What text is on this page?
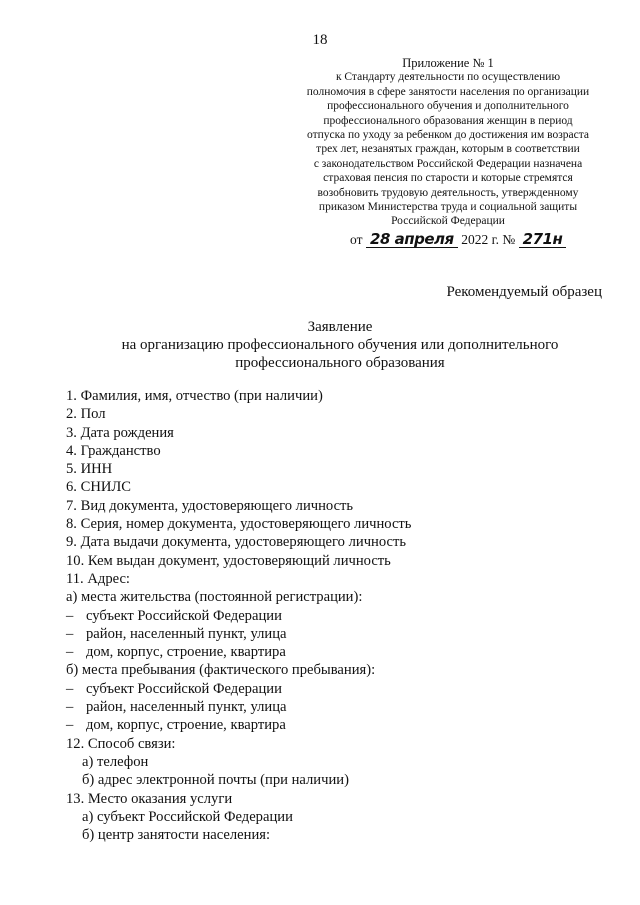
18
Приложение № 1
к Стандарту деятельности по осуществлению
полномочия в сфере занятости населения по организации
профессионального обучения и дополнительного
профессионального образования женщин в период
отпуска по уходу за ребенком до достижения им возраста
трех лет, незанятых граждан, которым в соответствии
с законодательством Российской Федерации назначена
страховая пенсия по старости и которые стремятся
возобновить трудовую деятельность, утвержденному
приказом Министерства труда и социальной защиты
Российской Федерации
от 28 апреля 2022 г. № 271н
Рекомендуемый образец
Заявление
на организацию профессионального обучения или дополнительного
профессионального образования
1. Фамилия, имя, отчество (при наличии)
2. Пол
3. Дата рождения
4. Гражданство
5. ИНН
6. СНИЛС
7. Вид документа, удостоверяющего личность
8. Серия, номер документа, удостоверяющего личность
9. Дата выдачи документа, удостоверяющего личность
10. Кем выдан документ, удостоверяющий личность
11. Адрес:
а) места жительства (постоянной регистрации):
– субъект Российской Федерации
– район, населенный пункт, улица
– дом, корпус, строение, квартира
б) места пребывания (фактического пребывания):
– субъект Российской Федерации
– район, населенный пункт, улица
– дом, корпус, строение, квартира
12. Способ связи:
а) телефон
б) адрес электронной почты (при наличии)
13. Место оказания услуги
а) субъект Российской Федерации
б) центр занятости населения:
